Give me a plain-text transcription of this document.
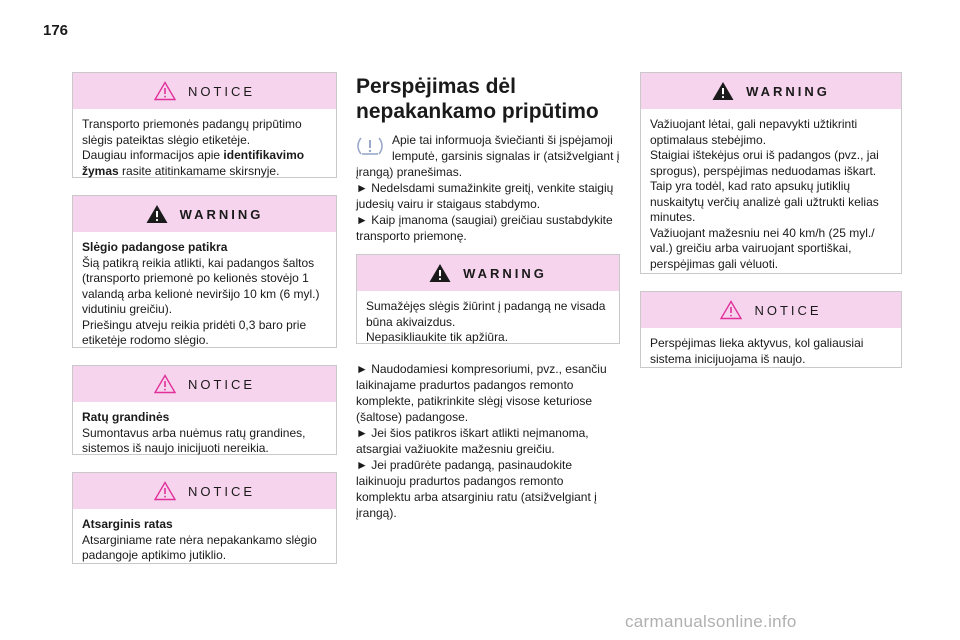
176
NOTICE

Transporto priemonės padangų pripūtimo slėgis pateiktas slėgio etiketėje.

Daugiau informacijos apie identifikavimo žymas rasite atitinkamame skirsnyje.

WARNING

Slėgio padangose patikra

Šią patikrą reikia atlikti, kai padangos šaltos (transporto priemonė po kelionės stovėjo 1 valandą arba kelionė neviršijo 10 km (6 myl.) vidutiniu greičiu).

Priešingu atveju reikia pridėti 0,3 baro prie etiketėje rodomo slėgio.

NOTICE

Ratų grandinės

Sumontavus arba nuėmus ratų grandines, sistemos iš naujo inicijuoti nereikia.

NOTICE

Atsarginis ratas

Atsarginiame rate nėra nepakankamo slėgio padangoje aptikimo jutiklio.

Perspėjimas dėl nepakankamo pripūtimo

Apie tai informuoja šviečianti ši įspėjamoji lemputė, garsinis signalas ir (atsižvelgiant į įrangą) pranešimas.

► Nedelsdami sumažinkite greitį, venkite staigių judesių vairu ir staigaus stabdymo.

► Kaip įmanoma (saugiai) greičiau sustabdykite transporto priemonę.

WARNING

Sumažėjęs slėgis žiūrint į padangą ne visada būna akivaizdus.

Nepasikliaukite tik apžiūra.

► Naudodamiesi kompresoriumi, pvz., esančiu laikinajame pradurtos padangos remonto komplekte, patikrinkite slėgį visose keturiose (šaltose) padangose.

► Jei šios patikros iškart atlikti neįmanoma, atsargiai važiuokite mažesniu greičiu.

► Jei pradūrėte padangą, pasinaudokite laikinuoju pradurtos padangos remonto komplektu arba atsarginiu ratu (atsižvelgiant į įrangą).

WARNING

Važiuojant lėtai, gali nepavykti užtikrinti optimalaus stebėjimo.

Staigiai ištekėjus orui iš padangos (pvz., jai sprogus), perspėjimas neduodamas iškart. Taip yra todėl, kad rato apsukų jutiklių nuskaitytų verčių analizė gali užtrukti kelias minutes.

Važiuojant mažesniu nei 40 km/h (25 myl./ val.) greičiu arba vairuojant sportiškai, perspėjimas gali vėluoti.

NOTICE

Perspėjimas lieka aktyvus, kol galiausiai sistema inicijuojama iš naujo.

carmanualsonline.info
